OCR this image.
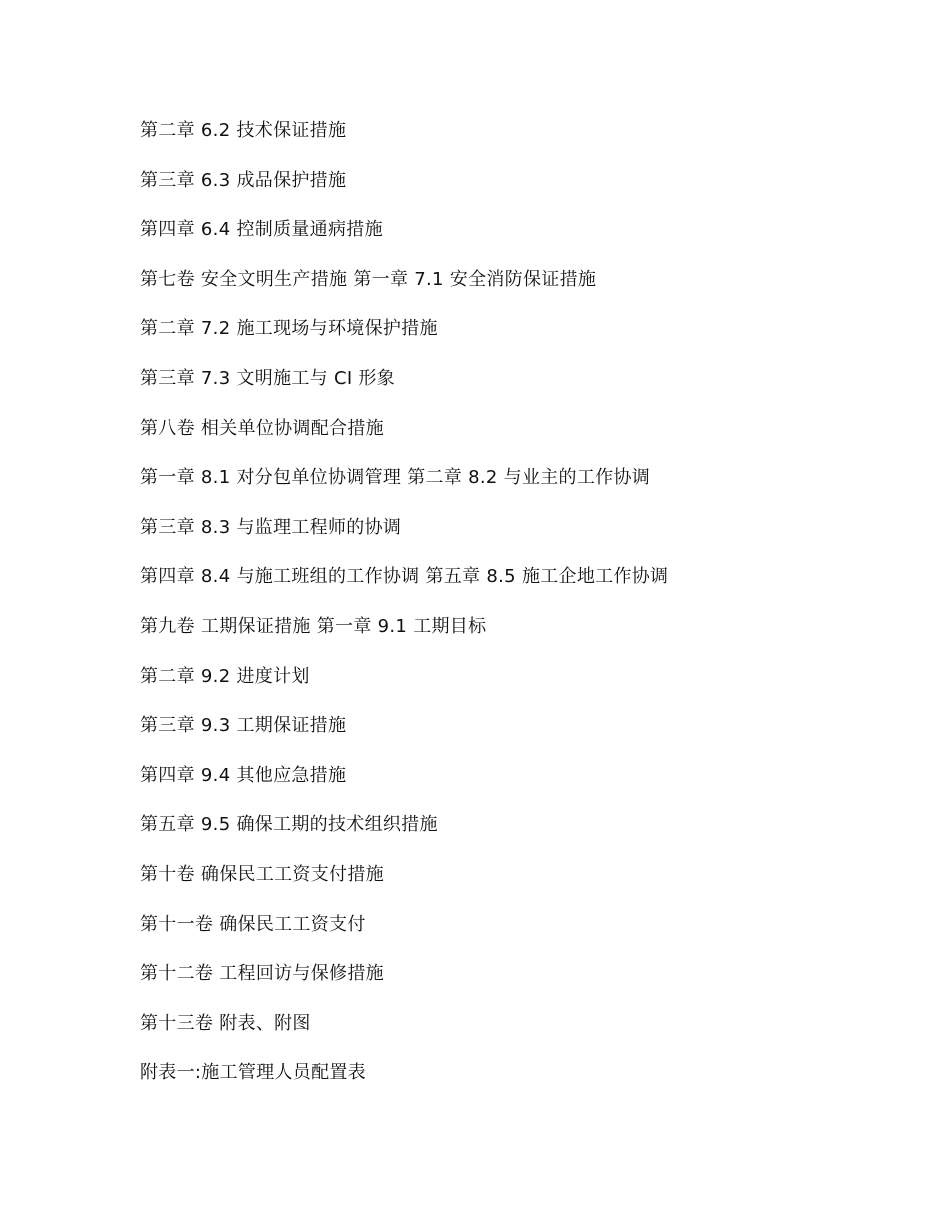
第二章 6.2 技术保证措施
第三章 6.3 成品保护措施
第四章 6.4 控制质量通病措施
第七卷 安全文明生产措施 第一章 7.1 安全消防保证措施
第二章 7.2 施工现场与环境保护措施
第三章 7.3 文明施工与 CI 形象
第八卷 相关单位协调配合措施
第一章 8.1 对分包单位协调管理 第二章 8.2 与业主的工作协调
第三章 8.3 与监理工程师的协调
第四章 8.4 与施工班组的工作协调 第五章 8.5 施工企地工作协调
第九卷 工期保证措施 第一章 9.1 工期目标
第二章 9.2 进度计划
第三章 9.3 工期保证措施
第四章 9.4 其他应急措施
第五章 9.5 确保工期的技术组织措施
第十卷 确保民工工资支付措施
第十一卷 确保民工工资支付
第十二卷 工程回访与保修措施
第十三卷 附表、附图
附表一:施工管理人员配置表
